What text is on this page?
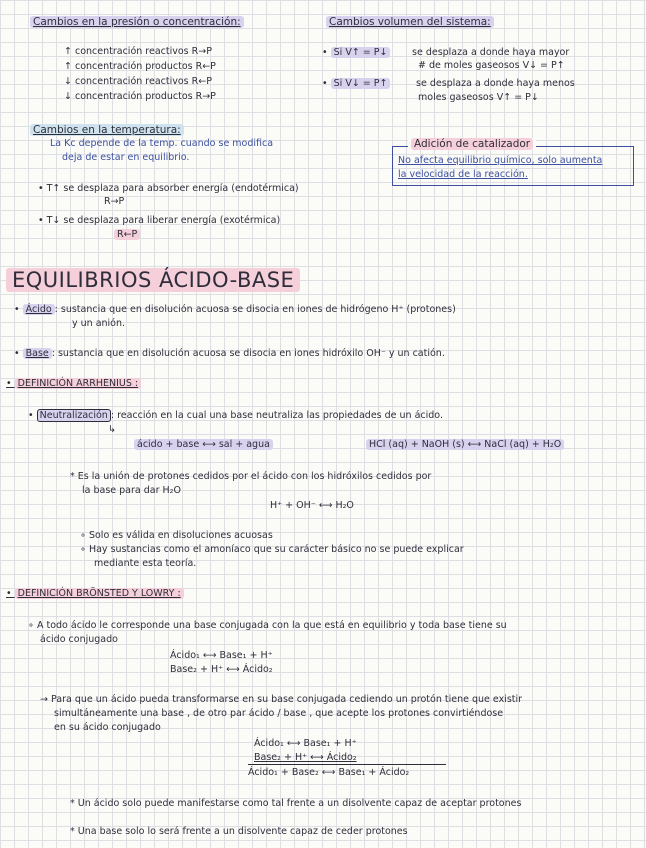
Cambios en la presión o concentración:
↑ concentración reactivos R→P
↑ concentración productos R←P
↓ concentración reactivos R←P
↓ concentración productos R→P
Cambios volumen del sistema:
• Si V↑ = P↓	se desplaza a donde haya mayor
# de moles gaseosos V↓ = P↑
• Si V↓ = P↑	se desplaza a donde haya menos
moles gaseosos V↑ = P↓
Cambios en la temperatura:
La Kc depende de la temp. cuando se modifica
deja de estar en equilibrio.
• T↑ se desplaza para absorber energía (endotérmica)
R→P
• T↓ se desplaza para liberar energía (exotérmica)
R←P
Adición de catalizador
No afecta equilibrio químico, solo aumenta
la velocidad de la reacción.
EQUILIBRIOS ÁCIDO-BASE
• Ácido : sustancia que en disolución acuosa se disocia en iones de hidrógeno H⁺ (protones)
y un anión.
• Base : sustancia que en disolución acuosa se disocia en iones hidróxilo OH⁻ y un catión.
• DEFINICIÓN ARRHENIUS :
• Neutralización : reacción en la cual una base neutraliza las propiedades de un ácido.
↳
ácido + base ⟷ sal + agua	HCl (aq) + NaOH (s) ⟷ NaCl (aq) + H₂O
* Es la unión de protones cedidos por el ácido con los hidróxilos cedidos por
la base para dar H₂O
H⁺ + OH⁻ ⟷ H₂O
∘ Solo es válida en disoluciones acuosas
∘ Hay sustancias como el amoníaco que su carácter básico no se puede explicar
mediante esta teoría.
• DEFINICIÓN BRÖNSTED Y LOWRY :
∘ A todo ácido le corresponde una base conjugada con la que está en equilibrio y toda base tiene su
ácido conjugado
Ácido₁ ⟷ Base₁ + H⁺
Base₂ + H⁺ ⟷ Ácido₂
→ Para que un ácido pueda transformarse en su base conjugada cediendo un protón tiene que existir
simultáneamente una base , de otro par ácido / base , que acepte los protones convirtiéndose
en su ácido conjugado
Ácido₁ ⟷ Base₁ + H⁺
Base₂ + H⁺ ⟷ Ácido₂
Ácido₁ + Base₂ ⟷ Base₁ + Ácido₂
* Un ácido solo puede manifestarse como tal frente a un disolvente capaz de aceptar protones
* Una base solo lo será frente a un disolvente capaz de ceder protones
